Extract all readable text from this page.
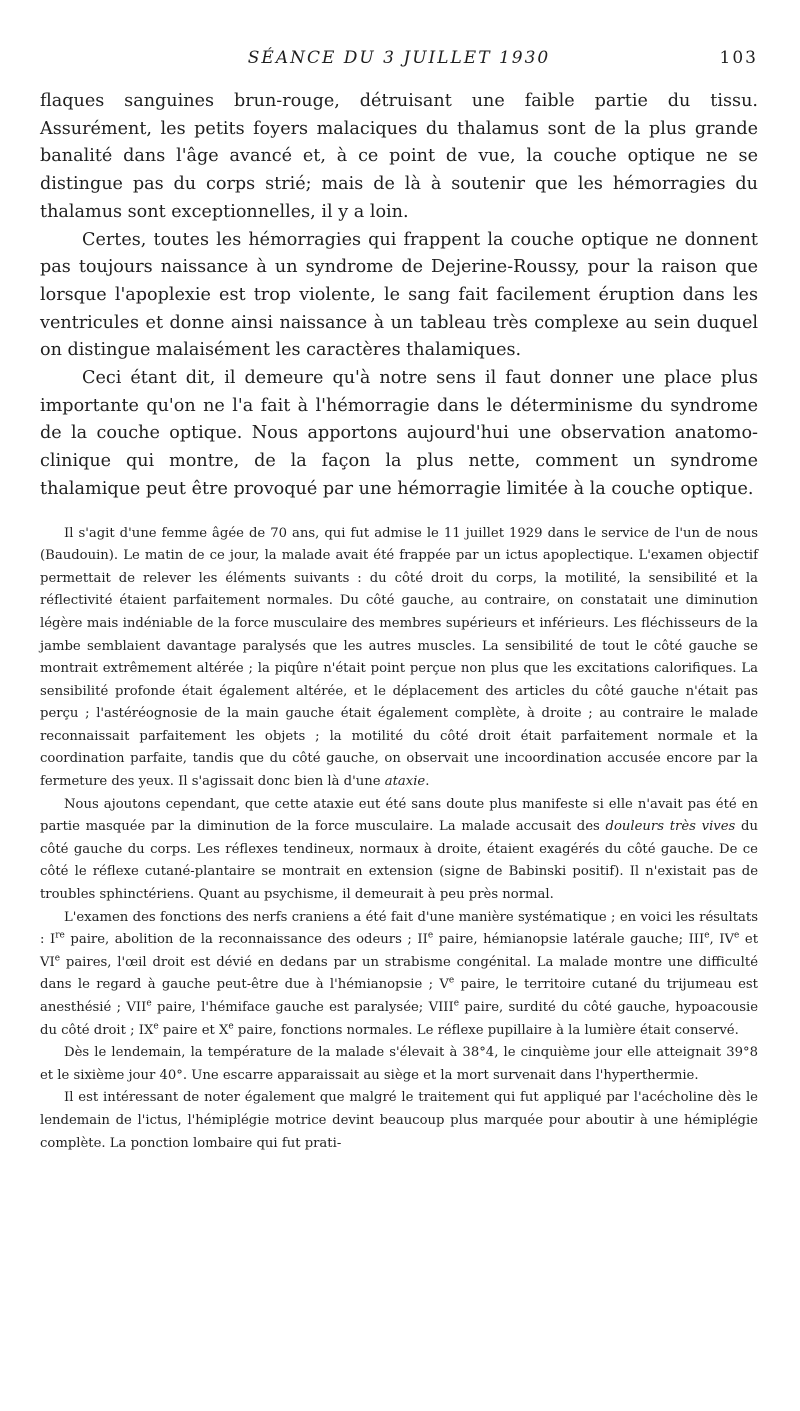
SÉANCE DU 3 JUILLET 1930	103

flaques sanguines brun-rouge, détruisant une faible partie du tissu. Assurément, les petits foyers malaciques du thalamus sont de la plus grande banalité dans l'âge avancé et, à ce point de vue, la couche optique ne se distingue pas du corps strié; mais de là à soutenir que les hémorragies du thalamus sont exceptionnelles, il y a loin.

Certes, toutes les hémorragies qui frappent la couche optique ne donnent pas toujours naissance à un syndrome de Dejerine-Roussy, pour la raison que lorsque l'apoplexie est trop violente, le sang fait facilement éruption dans les ventricules et donne ainsi naissance à un tableau très complexe au sein duquel on distingue malaisément les caractères thalamiques.

Ceci étant dit, il demeure qu'à notre sens il faut donner une place plus importante qu'on ne l'a fait à l'hémorragie dans le déterminisme du syndrome de la couche optique. Nous apportons aujourd'hui une observation anatomo-clinique qui montre, de la façon la plus nette, comment un syndrome thalamique peut être provoqué par une hémorragie limitée à la couche optique.

Il s'agit d'une femme âgée de 70 ans, qui fut admise le 11 juillet 1929 dans le service de l'un de nous (Baudouin). Le matin de ce jour, la malade avait été frappée par un ictus apoplectique. L'examen objectif permettait de relever les éléments suivants : du côté droit du corps, la motilité, la sensibilité et la réflectivité étaient parfaitement normales. Du côté gauche, au contraire, on constatait une diminution légère mais indéniable de la force musculaire des membres supérieurs et inférieurs. Les fléchisseurs de la jambe semblaient davantage paralysés que les autres muscles. La sensibilité de tout le côté gauche se montrait extrêmement altérée ; la piqûre n'était point perçue non plus que les excitations calorifiques. La sensibilité profonde était également altérée, et le déplacement des articles du côté gauche n'était pas perçu ; l'astéréognosie de la main gauche était également complète, à droite ; au contraire le malade reconnaissait parfaitement les objets ; la motilité du côté droit était parfaitement normale et la coordination parfaite, tandis que du côté gauche, on observait une incoordination accusée encore par la fermeture des yeux. Il s'agissait donc bien là d'une ataxie.

Nous ajoutons cependant, que cette ataxie eut été sans doute plus manifeste si elle n'avait pas été en partie masquée par la diminution de la force musculaire. La malade accusait des douleurs très vives du côté gauche du corps. Les réflexes tendineux, normaux à droite, étaient exagérés du côté gauche. De ce côté le réflexe cutané-plantaire se montrait en extension (signe de Babinski positif). Il n'existait pas de troubles sphinctériens. Quant au psychisme, il demeurait à peu près normal.

L'examen des fonctions des nerfs craniens a été fait d'une manière systématique ; en voici les résultats : Ire paire, abolition de la reconnaissance des odeurs ; IIe paire, hémianopsie latérale gauche; IIIe, IVe et VIe paires, l'œil droit est dévié en dedans par un strabisme congénital. La malade montre une difficulté dans le regard à gauche peut-être due à l'hémianopsie ; Ve paire, le territoire cutané du trijumeau est anesthésié ; VIIe paire, l'hémiface gauche est paralysée; VIIIe paire, surdité du côté gauche, hypoacousie du côté droit ; IXe paire et Xe paire, fonctions normales. Le réflexe pupillaire à la lumière était conservé.

Dès le lendemain, la température de la malade s'élevait à 38°4, le cinquième jour elle atteignait 39°8 et le sixième jour 40°. Une escarre apparaissait au siège et la mort survenait dans l'hyperthermie.

Il est intéressant de noter également que malgré le traitement qui fut appliqué par l'acécholine dès le lendemain de l'ictus, l'hémiplégie motrice devint beaucoup plus marquée pour aboutir à une hémiplégie complète. La ponction lombaire qui fut prati-
